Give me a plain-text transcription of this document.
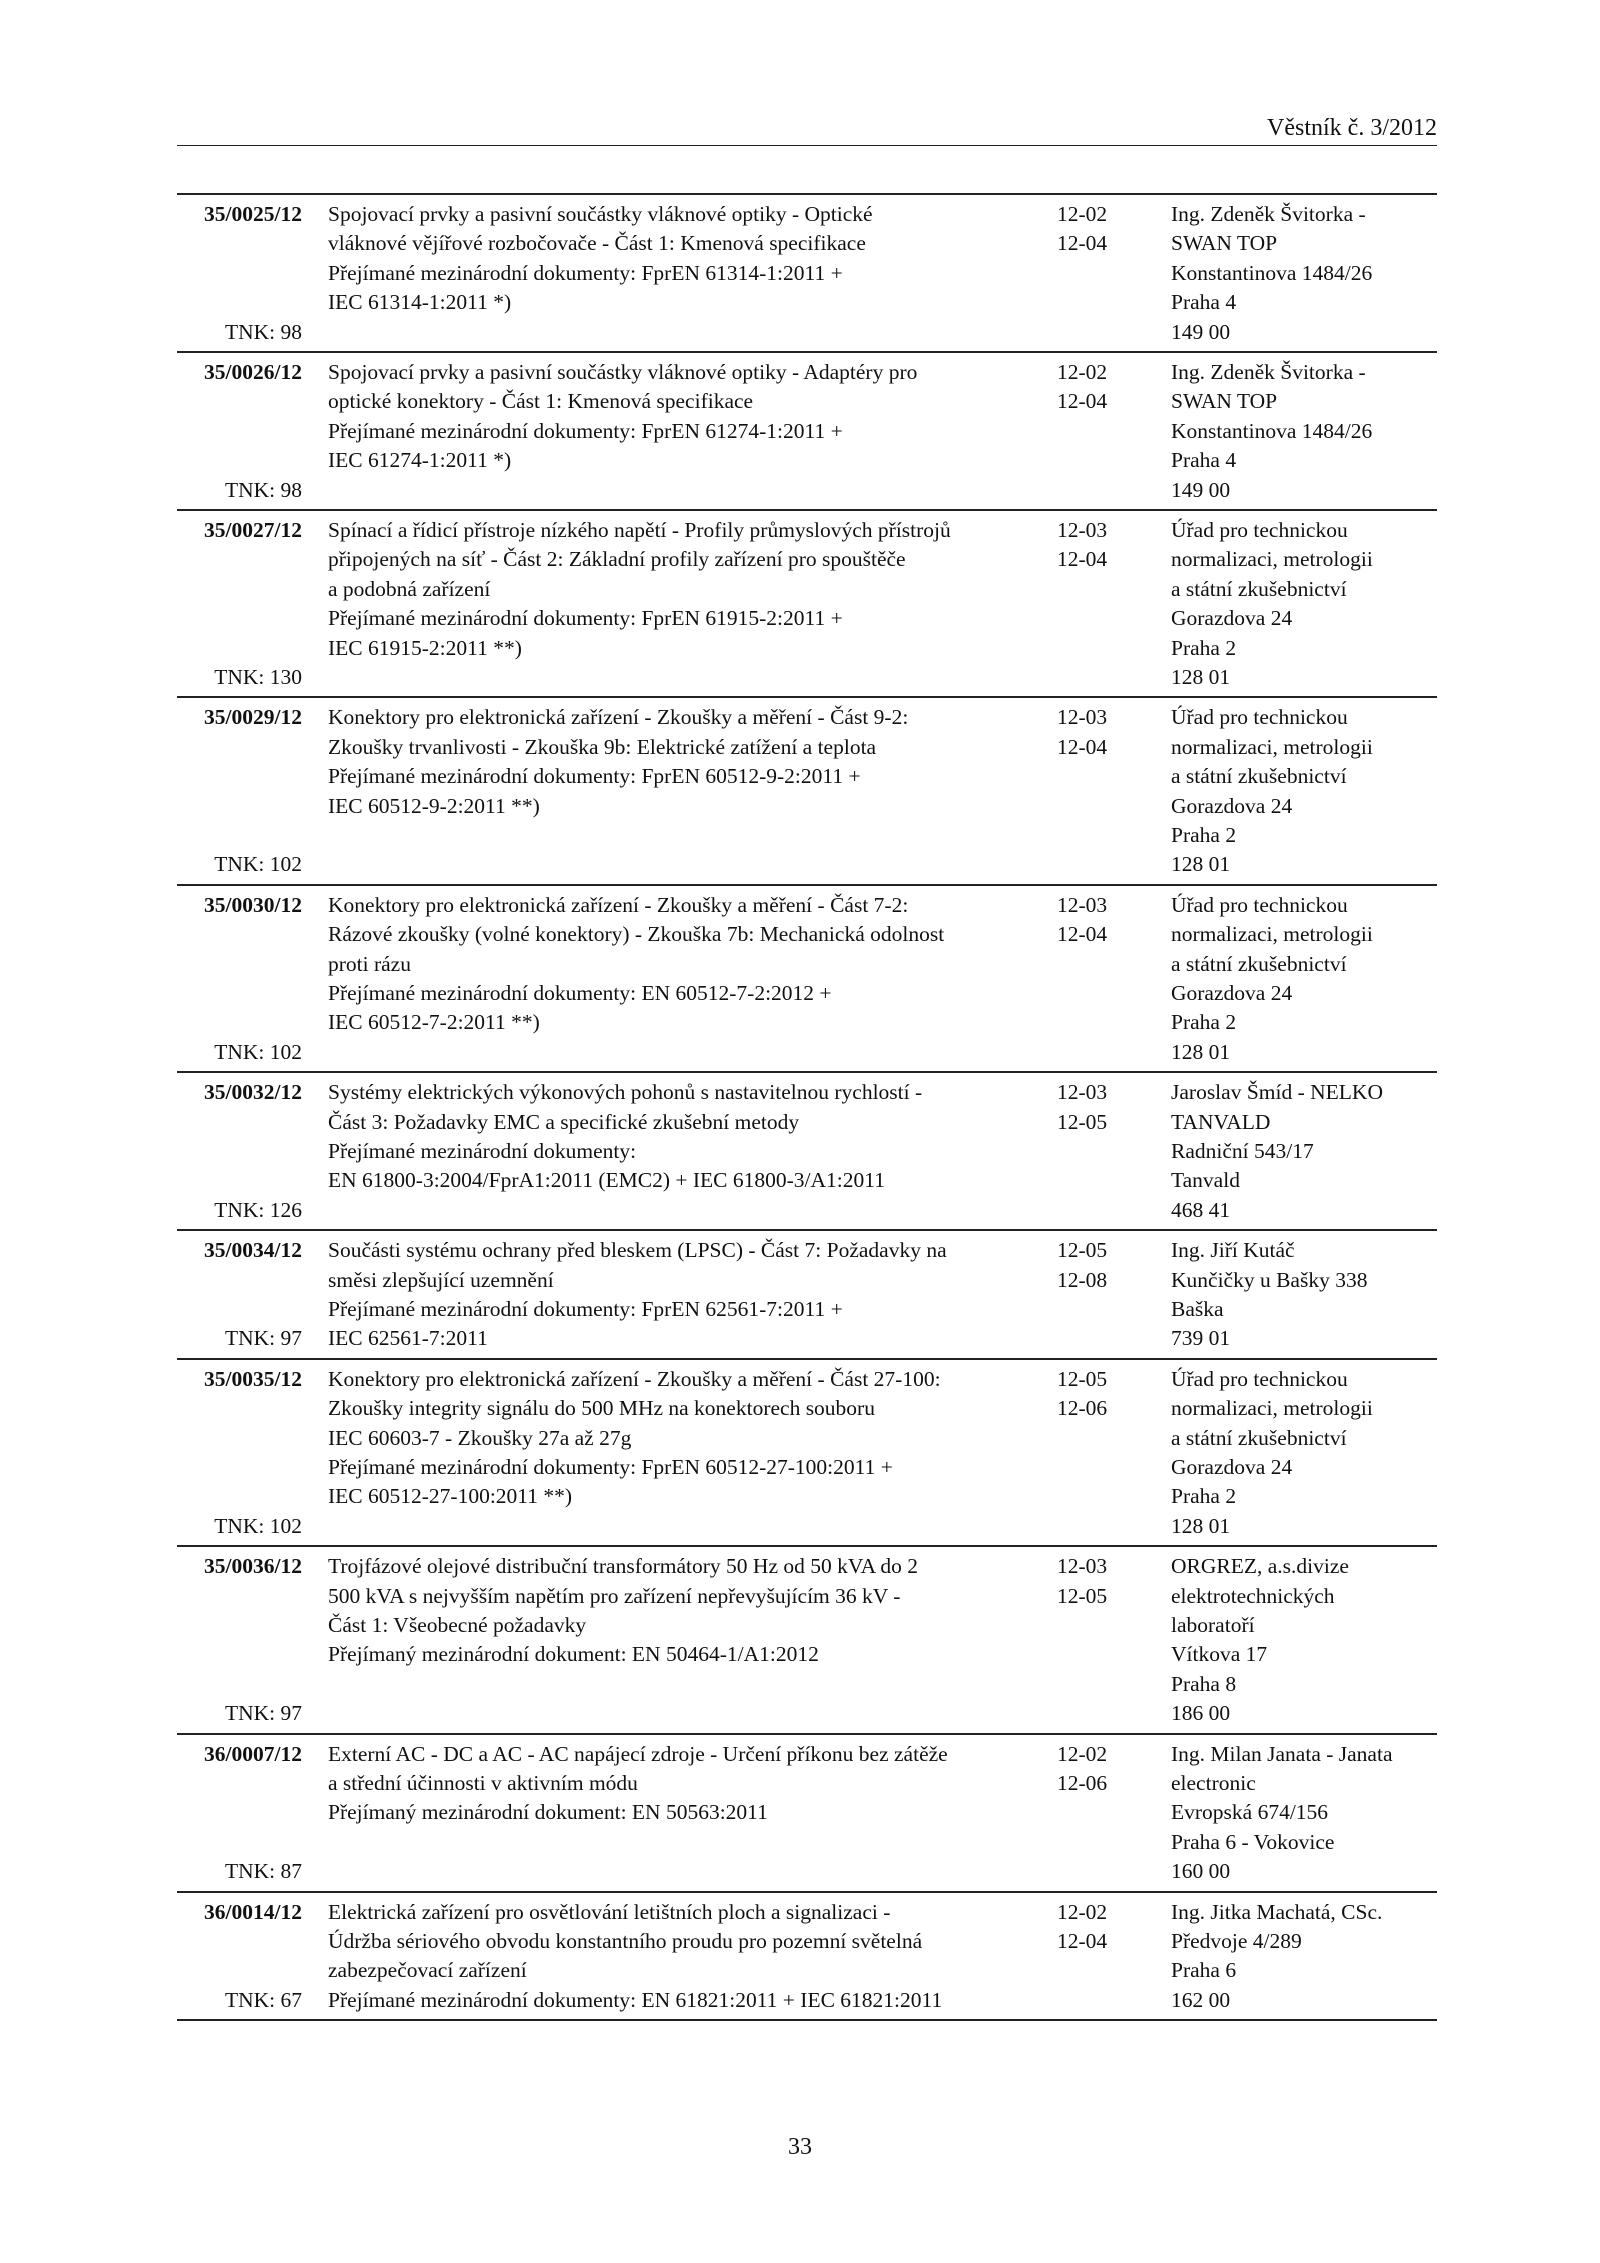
Věstník č. 3/2012
35/0025/12
TNK: 98
Spojovací prvky a pasivní součástky vláknové optiky - Optické
vláknové vějířové rozbočovače - Část 1: Kmenová specifikace
Přejímané mezinárodní dokumenty: FprEN 61314-1:2011 +
IEC 61314-1:2011 *)
12-02
12-04
Ing. Zdeněk Švitorka -
SWAN TOP
Konstantinova 1484/26
Praha 4
149 00
35/0026/12
TNK: 98
Spojovací prvky a pasivní součástky vláknové optiky - Adaptéry pro
optické konektory - Část 1: Kmenová specifikace
Přejímané mezinárodní dokumenty: FprEN 61274-1:2011 +
IEC 61274-1:2011 *)
12-02
12-04
Ing. Zdeněk Švitorka -
SWAN TOP
Konstantinova 1484/26
Praha 4
149 00
35/0027/12
TNK: 130
Spínací a řídicí přístroje nízkého napětí - Profily průmyslových přístrojů
připojených na síť - Část 2: Základní profily zařízení pro spouštěče
a podobná zařízení
Přejímané mezinárodní dokumenty: FprEN 61915-2:2011 +
IEC 61915-2:2011 **)
12-03
12-04
Úřad pro technickou
normalizaci, metrologii
a státní zkušebnictví
Gorazdova 24
Praha 2
128 01
35/0029/12
TNK: 102
Konektory pro elektronická zařízení - Zkoušky a měření - Část 9-2:
Zkoušky trvanlivosti - Zkouška 9b: Elektrické zatížení a teplota
Přejímané mezinárodní dokumenty: FprEN 60512-9-2:2011 +
IEC 60512-9-2:2011 **)
12-03
12-04
Úřad pro technickou
normalizaci, metrologii
a státní zkušebnictví
Gorazdova 24
Praha 2
128 01
35/0030/12
TNK: 102
Konektory pro elektronická zařízení - Zkoušky a měření - Část 7-2:
Rázové zkoušky (volné konektory) - Zkouška 7b: Mechanická odolnost
proti rázu
Přejímané mezinárodní dokumenty: EN 60512-7-2:2012 +
IEC 60512-7-2:2011 **)
12-03
12-04
Úřad pro technickou
normalizaci, metrologii
a státní zkušebnictví
Gorazdova 24
Praha 2
128 01
35/0032/12
TNK: 126
Systémy elektrických výkonových pohonů s nastavitelnou rychlostí -
Část 3: Požadavky EMC a specifické zkušební metody
Přejímané mezinárodní dokumenty:
EN 61800-3:2004/FprA1:2011 (EMC2) + IEC 61800-3/A1:2011
12-03
12-05
Jaroslav Šmíd - NELKO
TANVALD
Radniční 543/17
Tanvald
468 41
35/0034/12
TNK: 97
Součásti systému ochrany před bleskem (LPSC) - Část 7: Požadavky na
směsi zlepšující uzemnění
Přejímané mezinárodní dokumenty: FprEN 62561-7:2011 +
IEC 62561-7:2011
12-05
12-08
Ing. Jiří Kutáč
Kunčičky u Bašky 338
Baška
739 01
35/0035/12
TNK: 102
Konektory pro elektronická zařízení - Zkoušky a měření - Část 27-100:
Zkoušky integrity signálu do 500 MHz na konektorech souboru
IEC 60603-7 - Zkoušky 27a až 27g
Přejímané mezinárodní dokumenty: FprEN 60512-27-100:2011 +
IEC 60512-27-100:2011 **)
12-05
12-06
Úřad pro technickou
normalizaci, metrologii
a státní zkušebnictví
Gorazdova 24
Praha 2
128 01
35/0036/12
TNK: 97
Trojfázové olejové distribuční transformátory 50 Hz od 50 kVA do 2
500 kVA s nejvyšším napětím pro zařízení nepřevyšujícím 36 kV -
Část 1: Všeobecné požadavky
Přejímaný mezinárodní dokument: EN 50464-1/A1:2012
12-03
12-05
ORGREZ, a.s.divize
elektrotechnických
laboratoří
Vítkova 17
Praha 8
186 00
36/0007/12
TNK: 87
Externí AC - DC a AC - AC napájecí zdroje - Určení příkonu bez zátěže
a střední účinnosti v aktivním módu
Přejímaný mezinárodní dokument: EN 50563:2011
12-02
12-06
Ing. Milan Janata - Janata
electronic
Evropská 674/156
Praha 6 - Vokovice
160 00
36/0014/12
TNK: 67
Elektrická zařízení pro osvětlování letištních ploch a signalizaci -
Údržba sériového obvodu konstantního proudu pro pozemní světelná
zabezpečovací zařízení
Přejímané mezinárodní dokumenty: EN 61821:2011 + IEC 61821:2011
12-02
12-04
Ing. Jitka Machatá, CSc.
Předvoje 4/289
Praha 6
162 00
33
